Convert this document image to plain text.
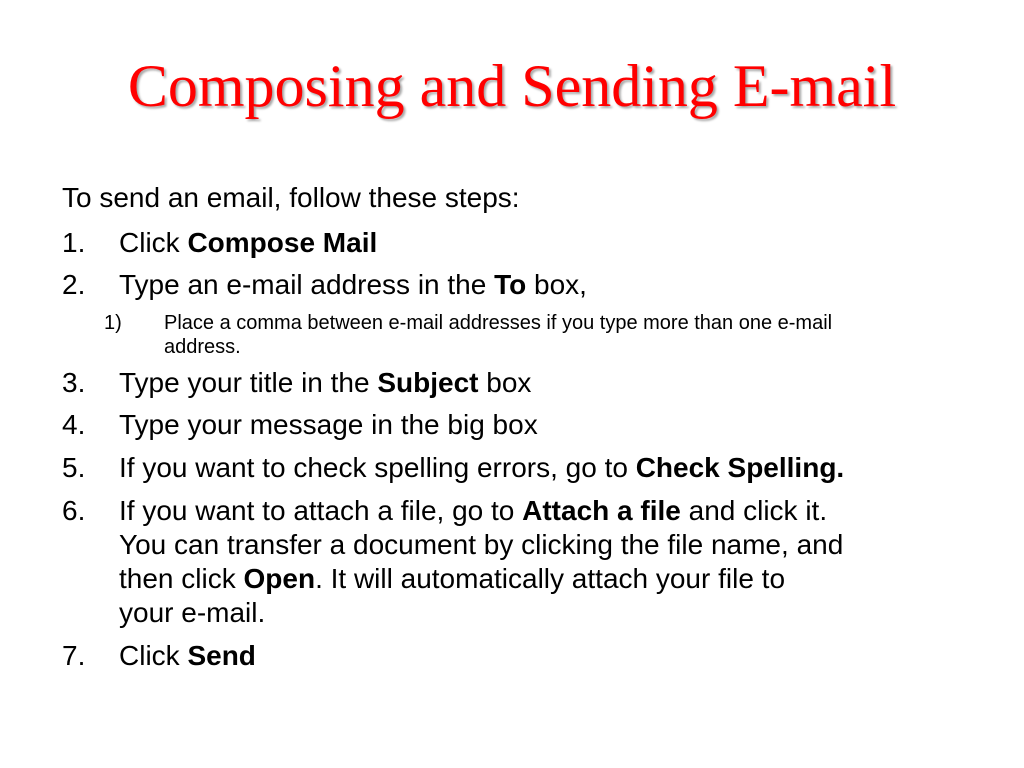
Composing and Sending E-mail
To send an email, follow these steps:
1.	Click Compose Mail
2.	Type an e-mail address in the To box,
1)	Place a comma between e-mail addresses if you type more than one e-mail
address.
3.	Type your title in the Subject box
4.	Type your message in the big box
5.	If you want to check spelling errors, go to Check Spelling.
6.	If you want to attach a file, go to Attach a file and click it.
You can transfer a document by clicking the file name, and
then click Open. It will automatically attach your file to
your e-mail.
7.	Click Send
